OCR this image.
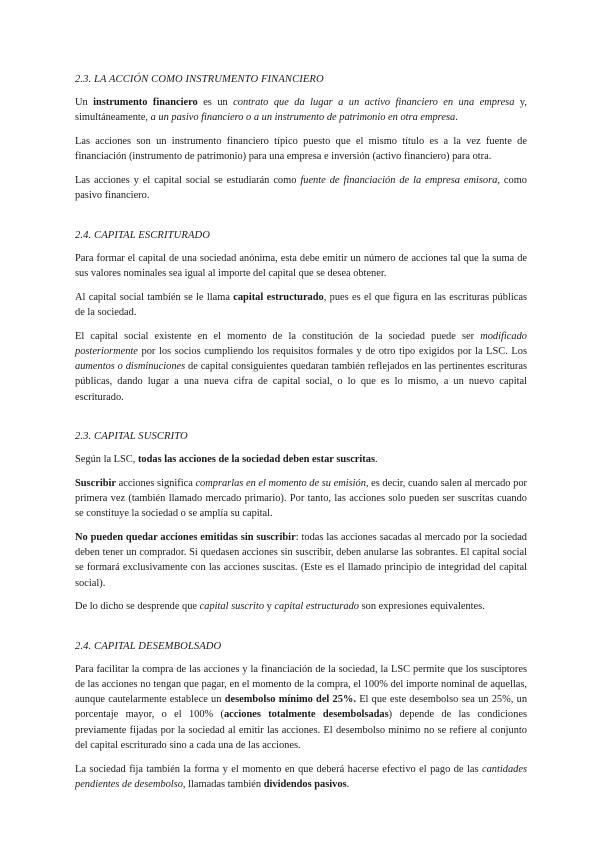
2.3. LA ACCIÓN COMO INSTRUMENTO FINANCIERO

Un instrumento financiero es un contrato que da lugar a un activo financiero en una empresa y, simultáneamente, a un pasivo financiero o a un instrumento de patrimonio en otra empresa.

Las acciones son un instrumento financiero típico puesto que el mismo título es a la vez fuente de financiación (instrumento de patrimonio) para una empresa e inversión (activo financiero) para otra.

Las acciones y el capital social se estudiarán como fuente de financiación de la empresa emisora, como pasivo financiero.

2.4. CAPITAL ESCRITURADO

Para formar el capital de una sociedad anónima, esta debe emitir un número de acciones tal que la suma de sus valores nominales sea igual al importe del capital que se desea obtener.

Al capital social también se le llama capital estructurado, pues es el que figura en las escrituras públicas de la sociedad.

El capital social existente en el momento de la constitución de la sociedad puede ser modificado posteriormente por los socios cumpliendo los requisitos formales y de otro tipo exigidos por la LSC. Los aumentos o disminuciones de capital consiguientes quedaran también reflejados en las pertinentes escrituras públicas, dando lugar a una nueva cifra de capital social, o lo que es lo mismo, a un nuevo capital escriturado.

2.3. CAPITAL SUSCRITO

Según la LSC, todas las acciones de la sociedad deben estar suscritas.

Suscribir acciones significa comprarlas en el momento de su emisión, es decir, cuando salen al mercado por primera vez (también llamado mercado primario). Por tanto, las acciones solo pueden ser suscritas cuando se constituye la sociedad o se amplía su capital.

No pueden quedar acciones emitidas sin suscribir: todas las acciones sacadas al mercado por la sociedad deben tener un comprador. Si quedasen acciones sin suscribir, deben anularse las sobrantes. El capital social se formará exclusivamente con las acciones suscitas. (Este es el llamado principio de integridad del capital social).

De lo dicho se desprende que capital suscrito y capital estructurado son expresiones equivalentes.

2.4. CAPITAL DESEMBOLSADO

Para facilitar la compra de las acciones y la financiación de la sociedad, la LSC permite que los susciptores de las acciones no tengan que pagar, en el momento de la compra, el 100% del importe nominal de aquellas, aunque cautelarmente establece un desembolso mínimo del 25%. El que este desembolso sea un 25%, un porcentaje mayor, o el 100% (acciones totalmente desembolsadas) depende de las condiciones previamente fijadas por la sociedad al emitir las acciones. El desembolso mínimo no se refiere al conjunto del capital escriturado sino a cada una de las acciones.

La sociedad fija también la forma y el momento en que deberá hacerse efectivo el pago de las cantidades pendientes de desembolso, llamadas también dividendos pasivos.
